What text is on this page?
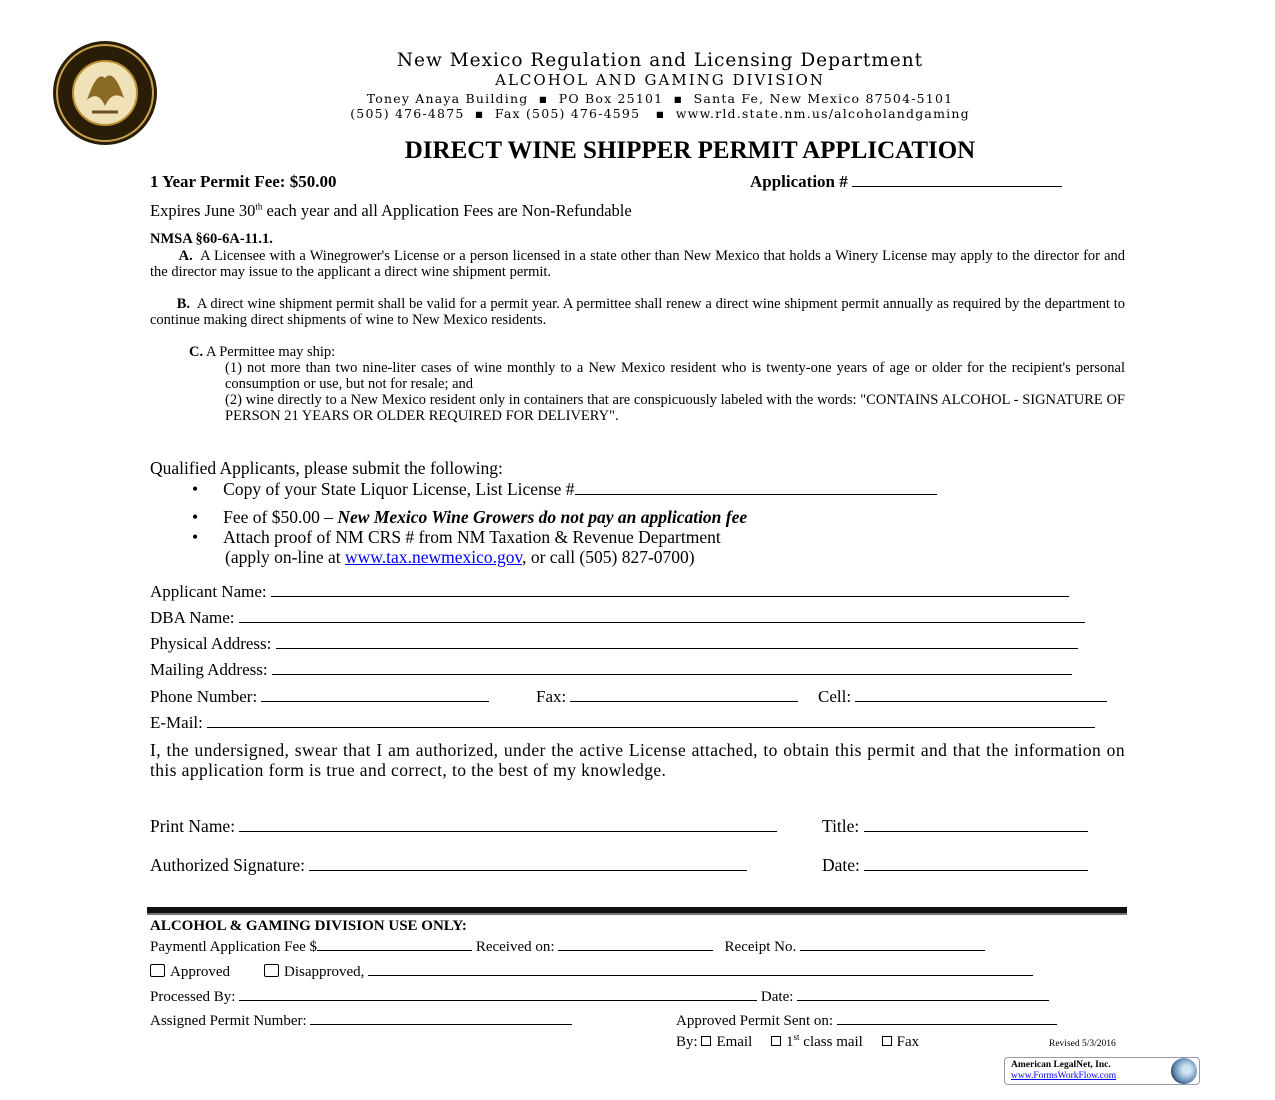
New Mexico Regulation and Licensing Department
ALCOHOL AND GAMING DIVISION
Toney Anaya Building  ▪  PO Box 25101  ▪  Santa Fe, New Mexico 87504-5101
(505) 476-4875  ▪  Fax (505) 476-4595   ▪  www.rld.state.nm.us/alcoholandgaming
DIRECT WINE SHIPPER PERMIT APPLICATION
1 Year Permit Fee: $50.00	Application #
Expires June 30th each year and all Application Fees are Non-Refundable
NMSA §60-6A-11.1.
A. A Licensee with a Winegrower's License or a person licensed in a state other than New Mexico that holds a Winery License may apply to the director for and the director may issue to the applicant a direct wine shipment permit.
B. A direct wine shipment permit shall be valid for a permit year. A permittee shall renew a direct wine shipment permit annually as required by the department to continue making direct shipments of wine to New Mexico residents.
C. A Permittee may ship:
(1) not more than two nine-liter cases of wine monthly to a New Mexico resident who is twenty-one years of age or older for the recipient's personal consumption or use, but not for resale; and
(2) wine directly to a New Mexico resident only in containers that are conspicuously labeled with the words: "CONTAINS ALCOHOL - SIGNATURE OF PERSON 21 YEARS OR OLDER REQUIRED FOR DELIVERY".
Qualified Applicants, please submit the following:
• Copy of your State Liquor License, List License #
• Fee of $50.00 – New Mexico Wine Growers do not pay an application fee
• Attach proof of NM CRS # from NM Taxation & Revenue Department
(apply on-line at www.tax.newmexico.gov, or call (505) 827-0700)
Applicant Name:
DBA Name:
Physical Address:
Mailing Address:
Phone Number:	Fax:	Cell:
E-Mail:
I, the undersigned, swear that I am authorized, under the active License attached, to obtain this permit and that the information on this application form is true and correct, to the best of my knowledge.
Print Name:	Title:
Authorized Signature:	Date:
ALCOHOL & GAMING DIVISION USE ONLY:
Paymentl Application Fee $	Received on:	Receipt No.
Approved	Disapproved,
Processed By:	Date:
Assigned Permit Number:	Approved Permit Sent on:
By: Email 1st class mail Fax	Revised 5/3/2016
American LegalNet, Inc.
www.FormsWorkFlow.com
